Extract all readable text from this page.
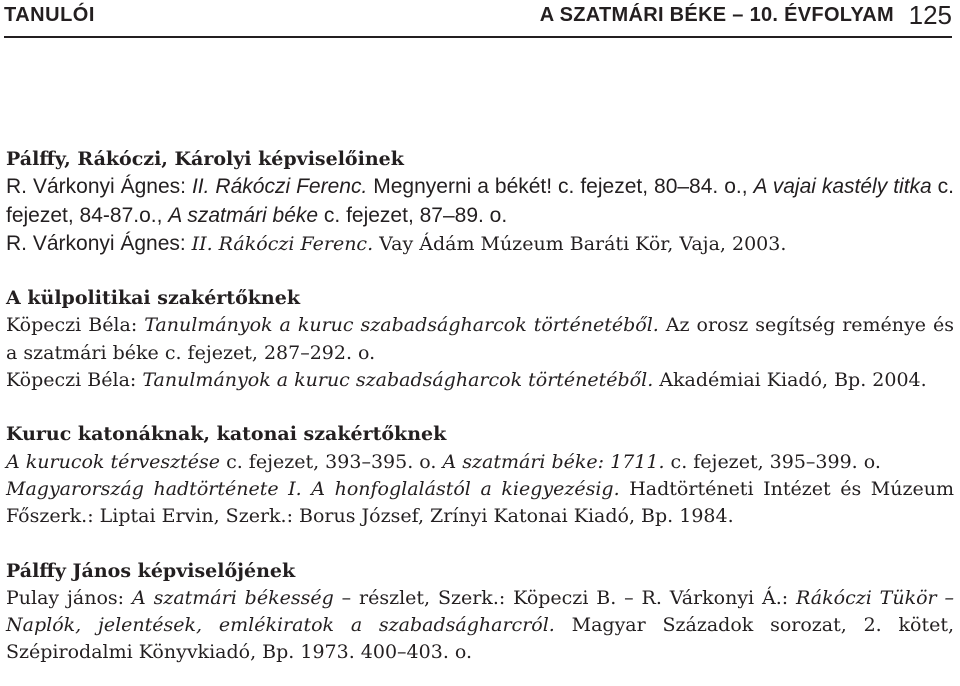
TANULÓI	A SZATMÁRI BÉKE – 10. ÉVFOLYAM 125
Pálffy, Rákóczi, Károlyi képviselőinek

R. Várkonyi Ágnes: II. Rákóczi Ferenc. Megnyerni a békét! c. fejezet, 80–84. o., A vajai kastély titka c. fejezet, 84-87.o., A szatmári béke c. fejezet, 87–89. o.

R. Várkonyi Ágnes: II. Rákóczi Ferenc. Vay Ádám Múzeum Baráti Kör, Vaja, 2003.

A külpolitikai szakértőknek

Köpeczi Béla: Tanulmányok a kuruc szabadságharcok történetéből. Az orosz segítség reménye és a szatmári béke c. fejezet, 287–292. o.

Köpeczi Béla: Tanulmányok a kuruc szabadságharcok történetéből. Akadémiai Kiadó, Bp. 2004.

Kuruc katonáknak, katonai szakértőknek

A kurucok térvesztése c. fejezet, 393–395. o. A szatmári béke: 1711. c. fejezet, 395–399. o.

Magyarország hadtörténete I. A honfoglalástól a kiegyezésig. Hadtörténeti Intézet és Múzeum Főszerk.: Liptai Ervin, Szerk.: Borus József, Zrínyi Katonai Kiadó, Bp. 1984.

Pálffy János képviselőjének

Pulay jános: A szatmári békesség – részlet, Szerk.: Köpeczi B. – R. Várkonyi Á.: Rákóczi Tükör – Naplók, jelentések, emlékiratok a szabadságharcról. Magyar Századok sorozat, 2. kötet, Szépirodalmi Könyvkiadó, Bp. 1973. 400–403. o.
